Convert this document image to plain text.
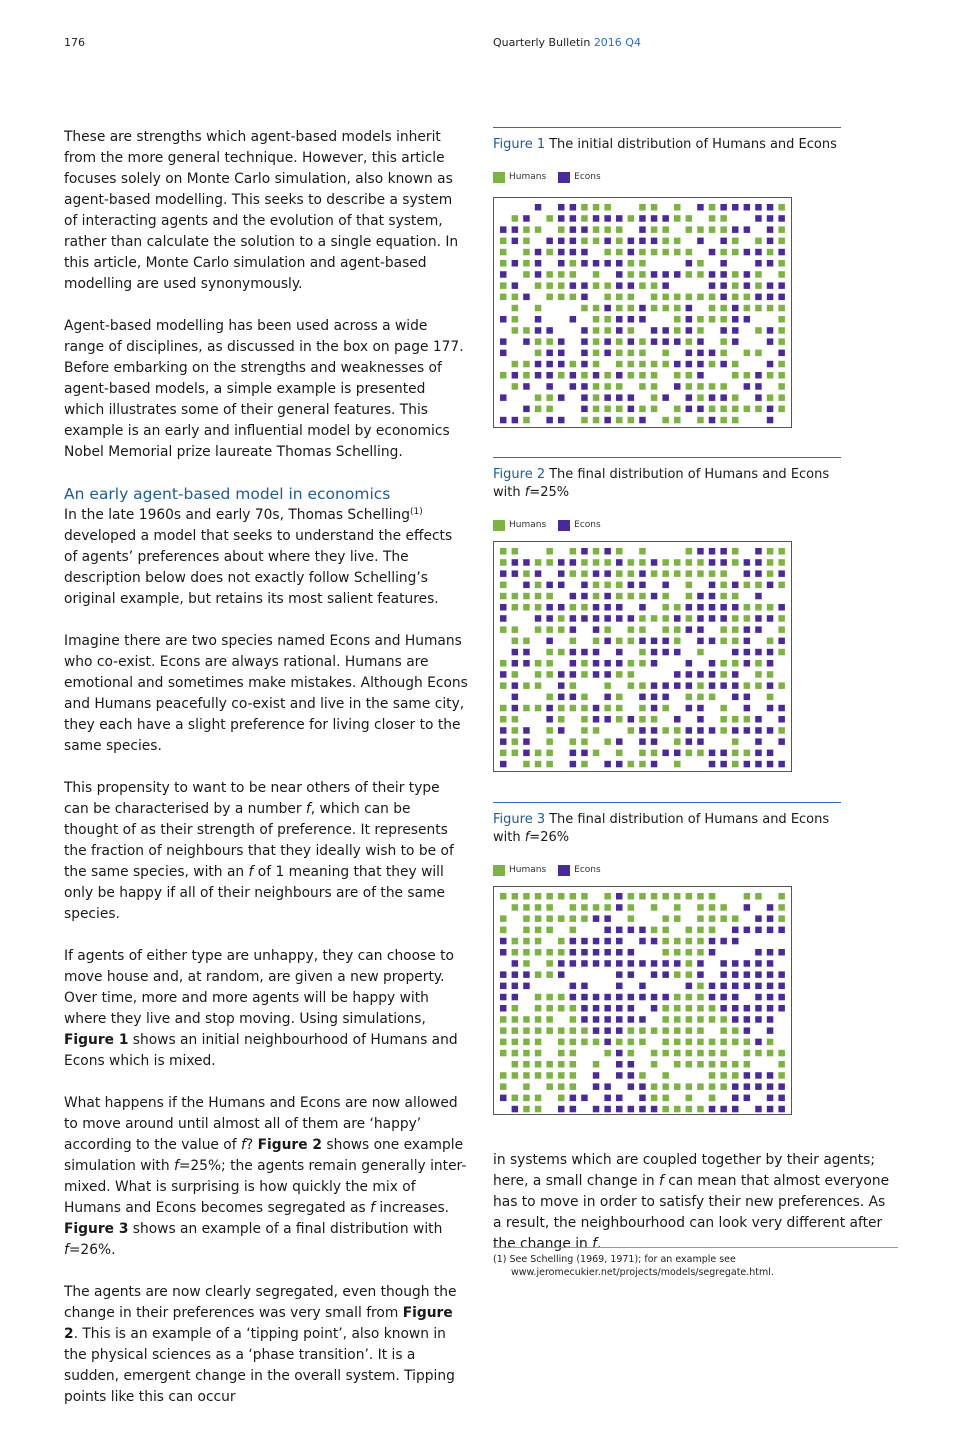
176	Quarterly Bulletin 2016 Q4

These are strengths which agent-based models inherit from the more general technique. However, this article focuses solely on Monte Carlo simulation, also known as agent-based modelling. This seeks to describe a system of interacting agents and the evolution of that system, rather than calculate the solution to a single equation. In this article, Monte Carlo simulation and agent-based modelling are used synonymously.

Agent-based modelling has been used across a wide range of disciplines, as discussed in the box on page 177. Before embarking on the strengths and weaknesses of agent-based models, a simple example is presented which illustrates some of their general features. This example is an early and influential model by economics Nobel Memorial prize laureate Thomas Schelling.

An early agent-based model in economics

In the late 1960s and early 70s, Thomas Schelling$^{(1)}$ developed a model that seeks to understand the effects of agents’ preferences about where they live. The description below does not exactly follow Schelling’s original example, but retains its most salient features.

Imagine there are two species named Econs and Humans who co-exist. Econs are always rational. Humans are emotional and sometimes make mistakes. Although Econs and Humans peacefully co-exist and live in the same city, they each have a slight preference for living closer to the same species.

This propensity to want to be near others of their type can be characterised by a number f, which can be thought of as their strength of preference. It represents the fraction of neighbours that they ideally wish to be of the same species, with an f of 1 meaning that they will only be happy if all of their neighbours are of the same species.

If agents of either type are unhappy, they can choose to move house and, at random, are given a new property. Over time, more and more agents will be happy with where they live and stop moving. Using simulations, Figure 1 shows an initial neighbourhood of Humans and Econs which is mixed.

What happens if the Humans and Econs are now allowed to move around until almost all of them are ‘happy’ according to the value of f? Figure 2 shows one example simulation with f=25%; the agents remain generally inter-mixed. What is surprising is how quickly the mix of Humans and Econs becomes segregated as f increases. Figure 3 shows an example of a final distribution with f=26%.

The agents are now clearly segregated, even though the change in their preferences was very small from Figure 2. This is an example of a ‘tipping point’, also known in the physical sciences as a ‘phase transition’. It is a sudden, emergent change in the overall system. Tipping points like this can occur

Figure 1 The initial distribution of Humans and Econs
Humans	Econs
Figure 2 The final distribution of Humans and Econs with f=25%
Humans	Econs
Figure 3 The final distribution of Humans and Econs with f=26%
Humans	Econs

in systems which are coupled together by their agents; here, a small change in f can mean that almost everyone has to move in order to satisfy their new preferences. As a result, the neighbourhood can look very different after the change in f.

(1) See Schelling (1969, 1971); for an example see
www.jeromecukier.net/projects/models/segregate.html.
